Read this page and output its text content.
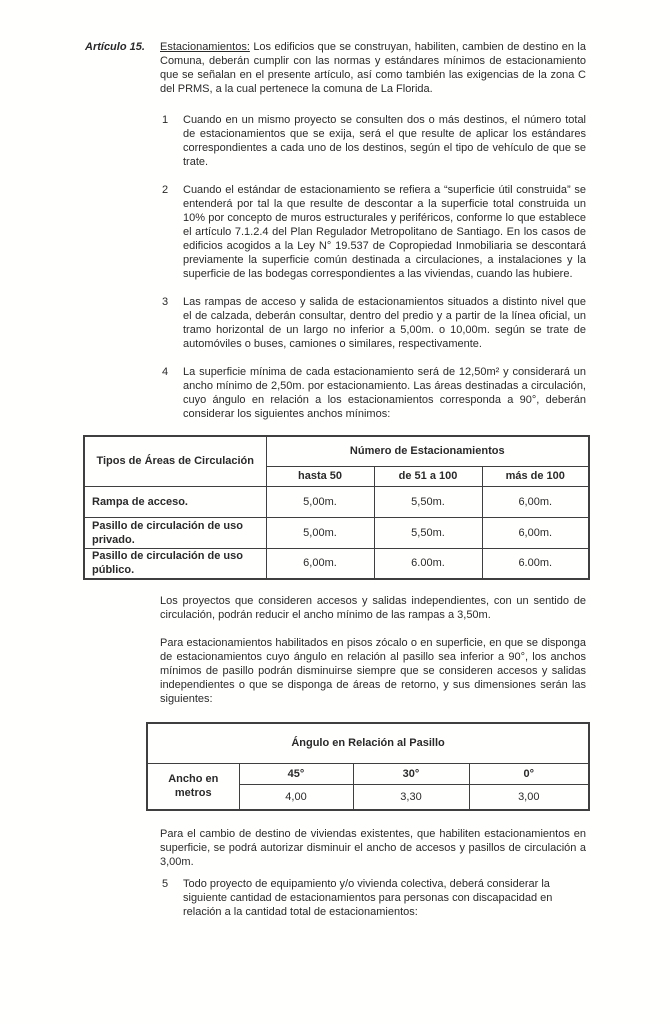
Artículo 15.	Estacionamientos: Los edificios que se construyan, habiliten, cambien de destino en la Comuna, deberán cumplir con las normas y estándares mínimos de estacionamiento que se señalan en el presente artículo, así como también las exigencias de la zona C del PRMS, a la cual pertenece la comuna de La Florida.
1	Cuando en un mismo proyecto se consulten dos o más destinos, el número total de estacionamientos que se exija, será el que resulte de aplicar los estándares correspondientes a cada uno de los destinos, según el tipo de vehículo de que se trate.
2	Cuando el estándar de estacionamiento se refiera a “superficie útil construida” se entenderá por tal la que resulte de descontar a la superficie total construida un 10% por concepto de muros estructurales y periféricos, conforme lo que establece el artículo 7.1.2.4 del Plan Regulador Metropolitano de Santiago. En los casos de edificios acogidos a la Ley N° 19.537 de Copropiedad Inmobiliaria se descontará previamente la superficie común destinada a circulaciones, a instalaciones y la superficie de las bodegas correspondientes a las viviendas, cuando las hubiere.
3	Las rampas de acceso y salida de estacionamientos situados a distinto nivel que el de calzada, deberán consultar, dentro del predio y a partir de la línea oficial, un tramo horizontal de un largo no inferior a 5,00m. o 10,00m. según se trate de automóviles o buses, camiones o similares, respectivamente.
4	La superficie mínima de cada estacionamiento será de 12,50m² y considerará un ancho mínimo de 2,50m. por estacionamiento. Las áreas destinadas a circulación, cuyo ángulo en relación a los estacionamientos corresponda a 90°, deberán considerar los siguientes anchos mínimos:
Tipos de Áreas de Circulación	Número de Estacionamientos		
	hasta 50	de 51 a 100	más de 100
Rampa de acceso.	5,00m.	5,50m.	6,00m.
Pasillo de circulación de uso privado.	5,00m.	5,50m.	6,00m.
Pasillo de circulación de uso público.	6,00m.	6.00m.	6.00m.
Los proyectos que consideren accesos y salidas independientes, con un sentido de circulación, podrán reducir el ancho mínimo de las rampas a 3,50m.
Para estacionamientos habilitados en pisos zócalo o en superficie, en que se disponga de estacionamientos cuyo ángulo en relación al pasillo sea inferior a 90°, los anchos mínimos de pasillo podrán disminuirse siempre que se consideren accesos y salidas independientes o que se disponga de áreas de retorno, y sus dimensiones serán las siguientes:
Ángulo en Relación al Pasillo			
Ancho en metros	45°	30°	0°
	4,00	3,30	3,00
Para el cambio de destino de viviendas existentes, que habiliten estacionamientos en superficie, se podrá autorizar disminuir el ancho de accesos y pasillos de circulación a 3,00m.
5	Todo proyecto de equipamiento y/o vivienda colectiva, deberá considerar la siguiente cantidad de estacionamientos para personas con discapacidad en relación a la cantidad total de estacionamientos:
